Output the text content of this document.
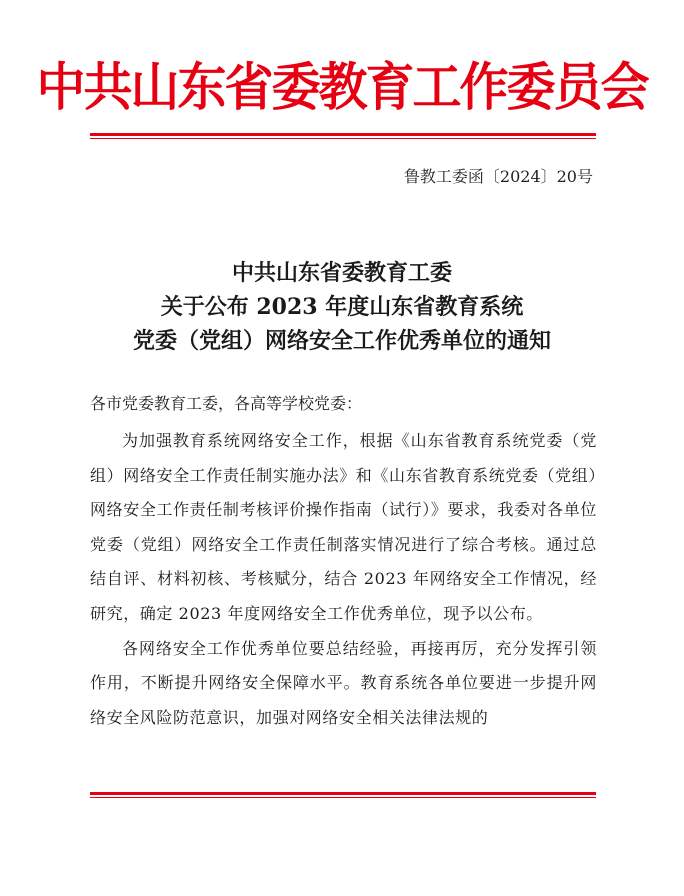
中共山东省委教育工作委员会
鲁教工委函〔2024〕20号
中共山东省委教育工委
关于公布 2023 年度山东省教育系统
党委（党组）网络安全工作优秀单位的通知
各市党委教育工委，各高等学校党委：

为加强教育系统网络安全工作，根据《山东省教育系统党委（党组）网络安全工作责任制实施办法》和《山东省教育系统党委（党组）网络安全工作责任制考核评价操作指南（试行）》要求，我委对各单位党委（党组）网络安全工作责任制落实情况进行了综合考核。通过总结自评、材料初核、考核赋分，结合 2023 年网络安全工作情况，经研究，确定 2023 年度网络安全工作优秀单位，现予以公布。

各网络安全工作优秀单位要总结经验，再接再厉，充分发挥引领作用，不断提升网络安全保障水平。教育系统各单位要进一步提升网络安全风险防范意识，加强对网络安全相关法律法规的
